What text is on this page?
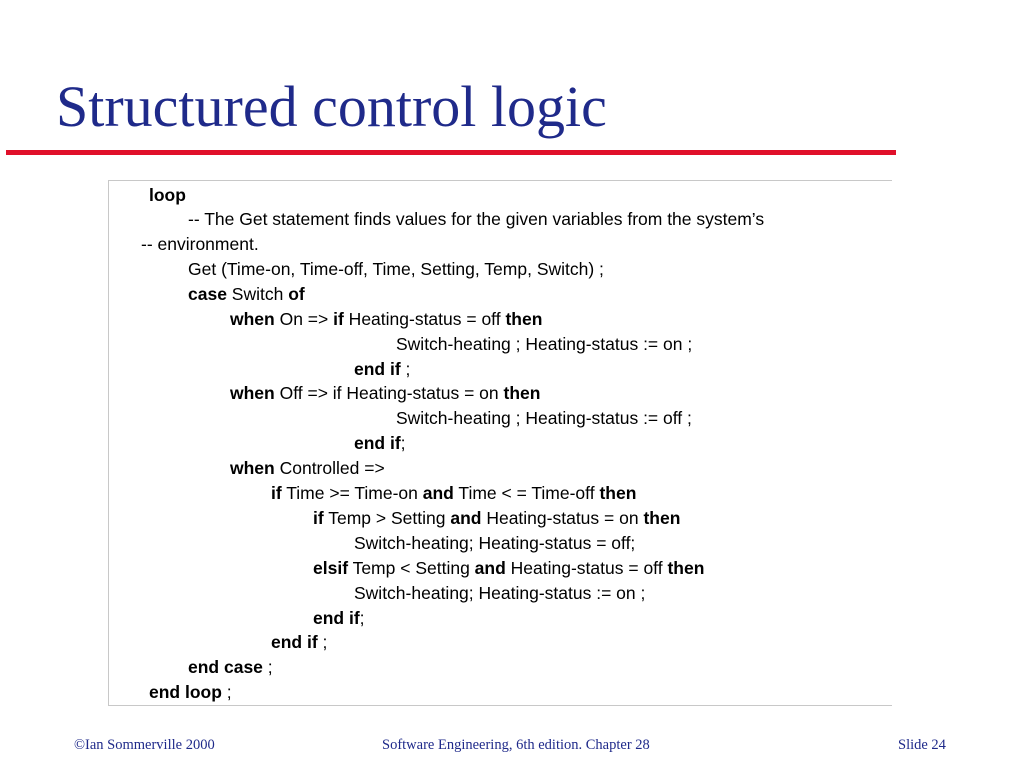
Structured control logic
loop
-- The Get statement finds values for the given variables from the system’s
-- environment.
Get (Time-on, Time-off, Time, Setting, Temp, Switch) ;
case Switch of
when On => if Heating-status = off then
Switch-heating ; Heating-status := on ;
end if ;
when Off => if Heating-status = on then
Switch-heating ; Heating-status := off ;
end if;
when Controlled =>
if Time >= Time-on and Time < = Time-off then
if Temp > Setting and Heating-status = on then
Switch-heating; Heating-status = off;
elsif Temp < Setting and Heating-status = off then
Switch-heating; Heating-status := on ;
end if;
end if ;
end case ;
end loop ;
©Ian Sommerville 2000	Software Engineering, 6th edition. Chapter 28	Slide 24
